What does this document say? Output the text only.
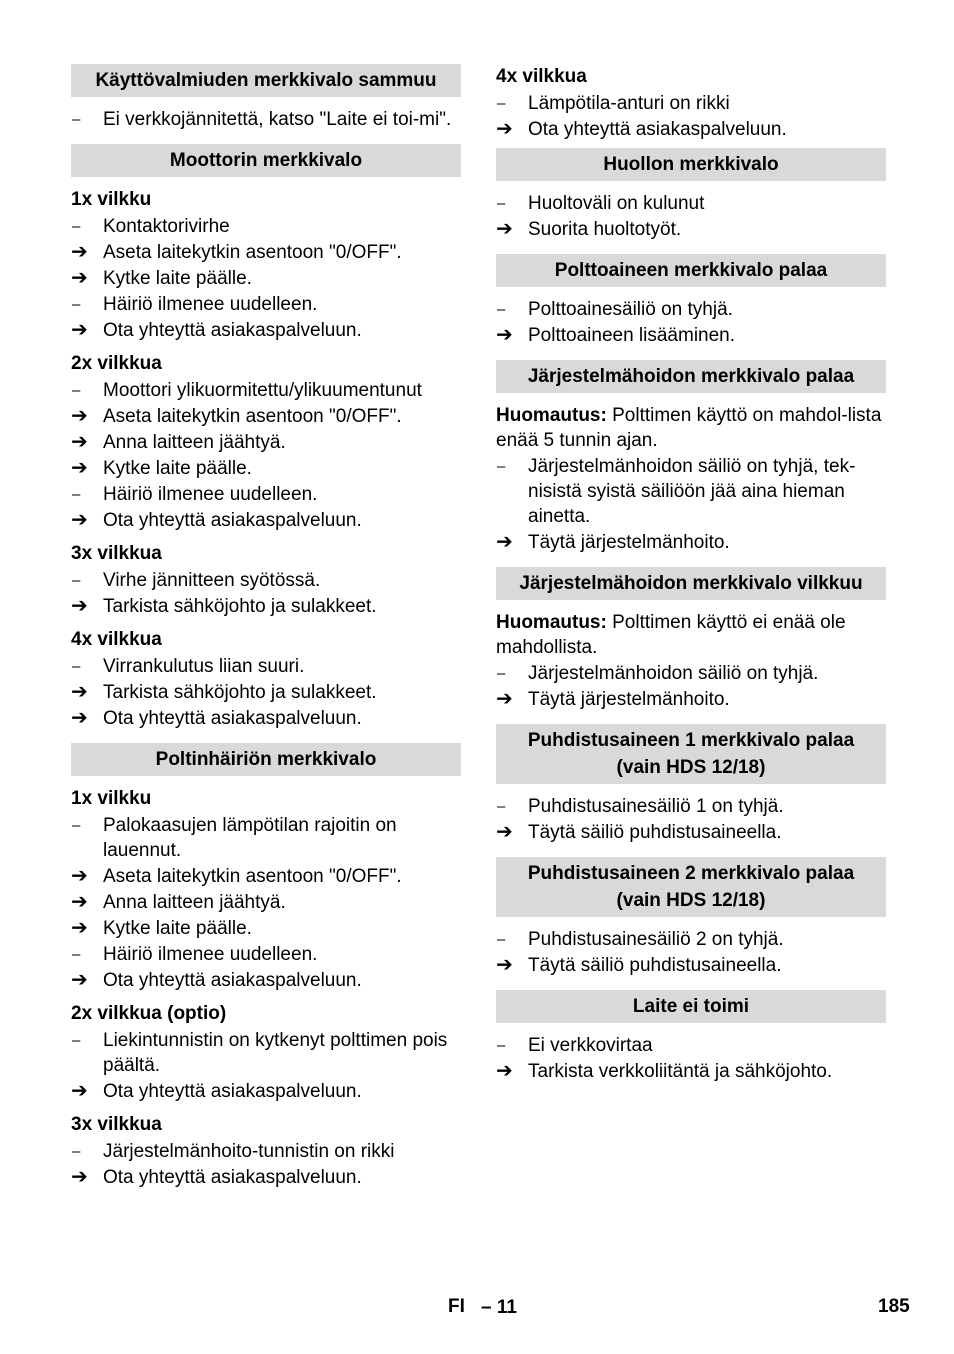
Käyttövalmiuden merkkivalo sammuu
–	Ei verkkojännitettä, katso "Laite ei toi-mi".
Moottorin merkkivalo
1x vilkku
–	Kontaktorivirhe
➔ Aseta laitekytkin asentoon "0/OFF".
➔ Kytke laite päälle.
–	Häiriö ilmenee uudelleen.
➔ Ota yhteyttä asiakaspalveluun.
2x vilkkua
–	Moottori ylikuormitettu/ylikuumentunut
➔ Aseta laitekytkin asentoon "0/OFF".
➔ Anna laitteen jäähtyä.
➔ Kytke laite päälle.
–	Häiriö ilmenee uudelleen.
➔ Ota yhteyttä asiakaspalveluun.
3x vilkkua
–	Virhe jännitteen syötössä.
➔ Tarkista sähköjohto ja sulakkeet.
4x vilkkua
–	Virrankulutus liian suuri.
➔ Tarkista sähköjohto ja sulakkeet.
➔ Ota yhteyttä asiakaspalveluun.
Poltinhäiriön merkkivalo
1x vilkku
–	Palokaasujen lämpötilan rajoitin on lauennut.
➔ Aseta laitekytkin asentoon "0/OFF".
➔ Anna laitteen jäähtyä.
➔ Kytke laite päälle.
–	Häiriö ilmenee uudelleen.
➔ Ota yhteyttä asiakaspalveluun.
2x vilkkua (optio)
–	Liekintunnistin on kytkenyt polttimen pois päältä.
➔ Ota yhteyttä asiakaspalveluun.
3x vilkkua
–	Järjestelmänhoito-tunnistin on rikki
➔ Ota yhteyttä asiakaspalveluun.
4x vilkkua
–	Lämpötila-anturi on rikki
➔ Ota yhteyttä asiakaspalveluun.
Huollon merkkivalo
–	Huoltoväli on kulunut
➔ Suorita huoltotyöt.
Polttoaineen merkkivalo palaa
–	Polttoainesäiliö on tyhjä.
➔ Polttoaineen lisääminen.
Järjestelmähoidon merkkivalo palaa
Huomautus: Polttimen käyttö on mahdol-lista enää 5 tunnin ajan.
–	Järjestelmänhoidon säiliö on tyhjä, tek-nisistä syistä säiliöön jää aina hieman ainetta.
➔ Täytä järjestelmänhoito.
Järjestelmähoidon merkkivalo vilkkuu
Huomautus: Polttimen käyttö ei enää ole mahdollista.
–	Järjestelmänhoidon säiliö on tyhjä.
➔ Täytä järjestelmänhoito.
Puhdistusaineen 1 merkkivalo palaa (vain HDS 12/18)
–	Puhdistusainesäiliö 1 on tyhjä.
➔ Täytä säiliö puhdistusaineella.
Puhdistusaineen 2 merkkivalo palaa (vain HDS 12/18)
–	Puhdistusainesäiliö 2 on tyhjä.
➔ Täytä säiliö puhdistusaineella.
Laite ei toimi
–	Ei verkkovirtaa
➔ Tarkista verkkoliitäntä ja sähköjohto.
FI – 11	185
